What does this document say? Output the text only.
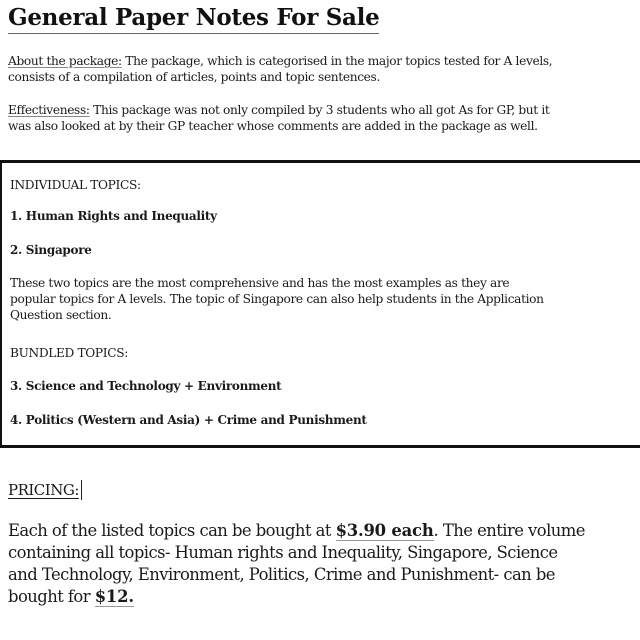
General Paper Notes For Sale
About the package: The package, which is categorised in the major topics tested for A levels,
consists of a compilation of articles, points and topic sentences.
Effectiveness: This package was not only compiled by 3 students who all got As for GP, but it
was also looked at by their GP teacher whose comments are added in the package as well.
INDIVIDUAL TOPICS:
1. Human Rights and Inequality
2. Singapore
These two topics are the most comprehensive and has the most examples as they are
popular topics for A levels. The topic of Singapore can also help students in the Application
Question section.
BUNDLED TOPICS:
3. Science and Technology + Environment
4. Politics (Western and Asia) + Crime and Punishment
PRICING:
Each of the listed topics can be bought at $3.90 each. The entire volume
containing all topics- Human rights and Inequality, Singapore, Science
and Technology, Environment, Politics, Crime and Punishment- can be
bought for $12.
